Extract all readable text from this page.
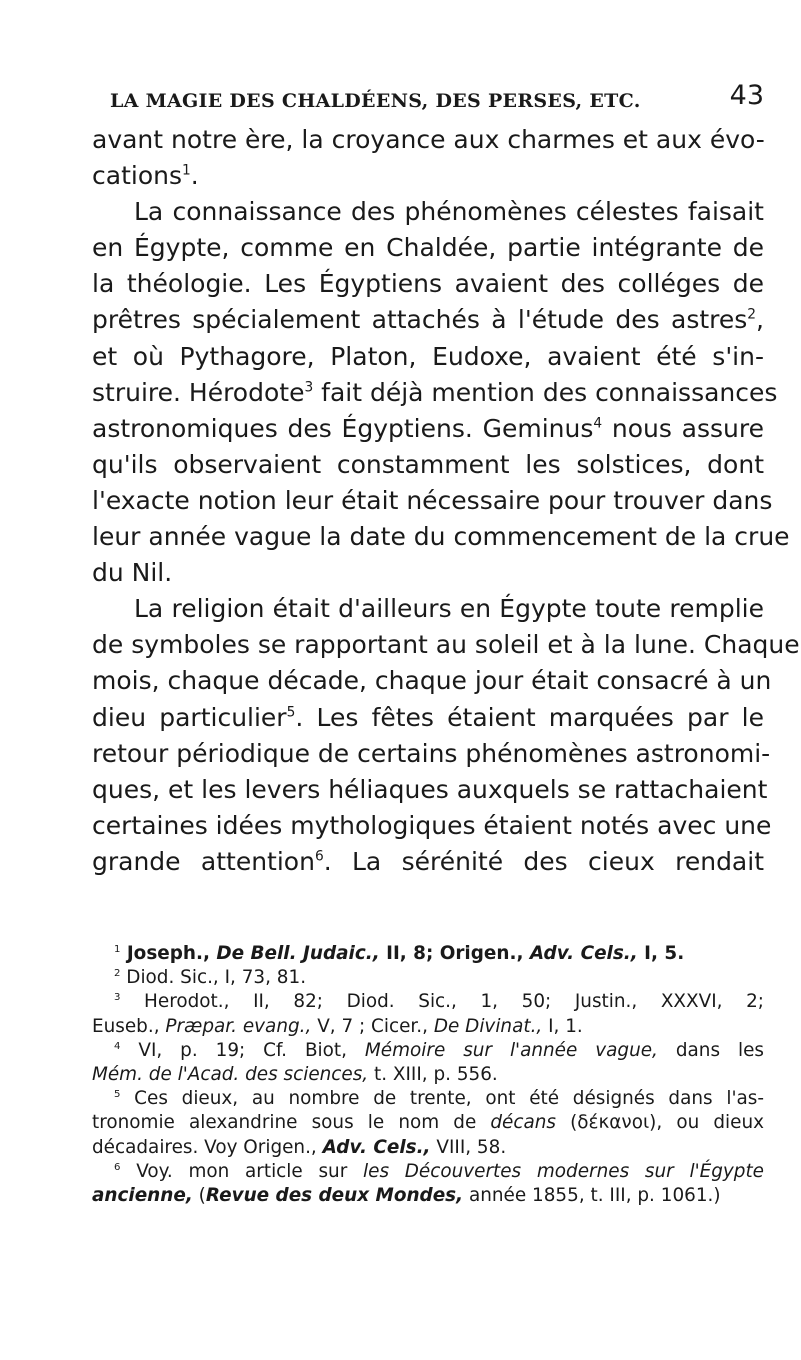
LA MAGIE DES CHALDÉENS, DES PERSES, ETC.	43
avant notre ère, la croyance aux charmes et aux évo-
cations$^1$.
La connaissance des phénomènes célestes faisait
en Égypte, comme en Chaldée, partie intégrante de
la théologie. Les Égyptiens avaient des colléges de
prêtres spécialement attachés à l'étude des astres$^2$,
et où Pythagore, Platon, Eudoxe, avaient été s'in-
struire. Hérodote$^3$ fait déjà mention des connaissances
astronomiques des Égyptiens. Geminus$^4$ nous assure
qu'ils observaient constamment les solstices, dont
l'exacte notion leur était nécessaire pour trouver dans
leur année vague la date du commencement de la crue
du Nil.
La religion était d'ailleurs en Égypte toute remplie
de symboles se rapportant au soleil et à la lune. Chaque
mois, chaque décade, chaque jour était consacré à un
dieu particulier$^5$. Les fêtes étaient marquées par le
retour périodique de certains phénomènes astronomi-
ques, et les levers héliaques auxquels se rattachaient
certaines idées mythologiques étaient notés avec une
grande attention$^6$. La sérénité des cieux rendait
$^1$ Joseph., De Bell. Judaic., II, 8; Origen., Adv. Cels., I, 5.
$^2$ Diod. Sic., I, 73, 81.
$^3$ Herodot., II, 82; Diod. Sic., 1, 50; Justin., XXXVI, 2;
Euseb., Præpar. evang., V, 7 ; Cicer., De Divinat., I, 1.
$^4$ VI, p. 19; Cf. Biot, Mémoire sur l'année vague, dans les
Mém. de l'Acad. des sciences, t. XIII, p. 556.
$^5$ Ces dieux, au nombre de trente, ont été désignés dans l'as-
tronomie alexandrine sous le nom de décans (δέκανοι), ou dieux
décadaires. Voy Origen., Adv. Cels., VIII, 58.
$^6$ Voy. mon article sur les Découvertes modernes sur l'Égypte
ancienne, (Revue des deux Mondes, année 1855, t. III, p. 1061.)
